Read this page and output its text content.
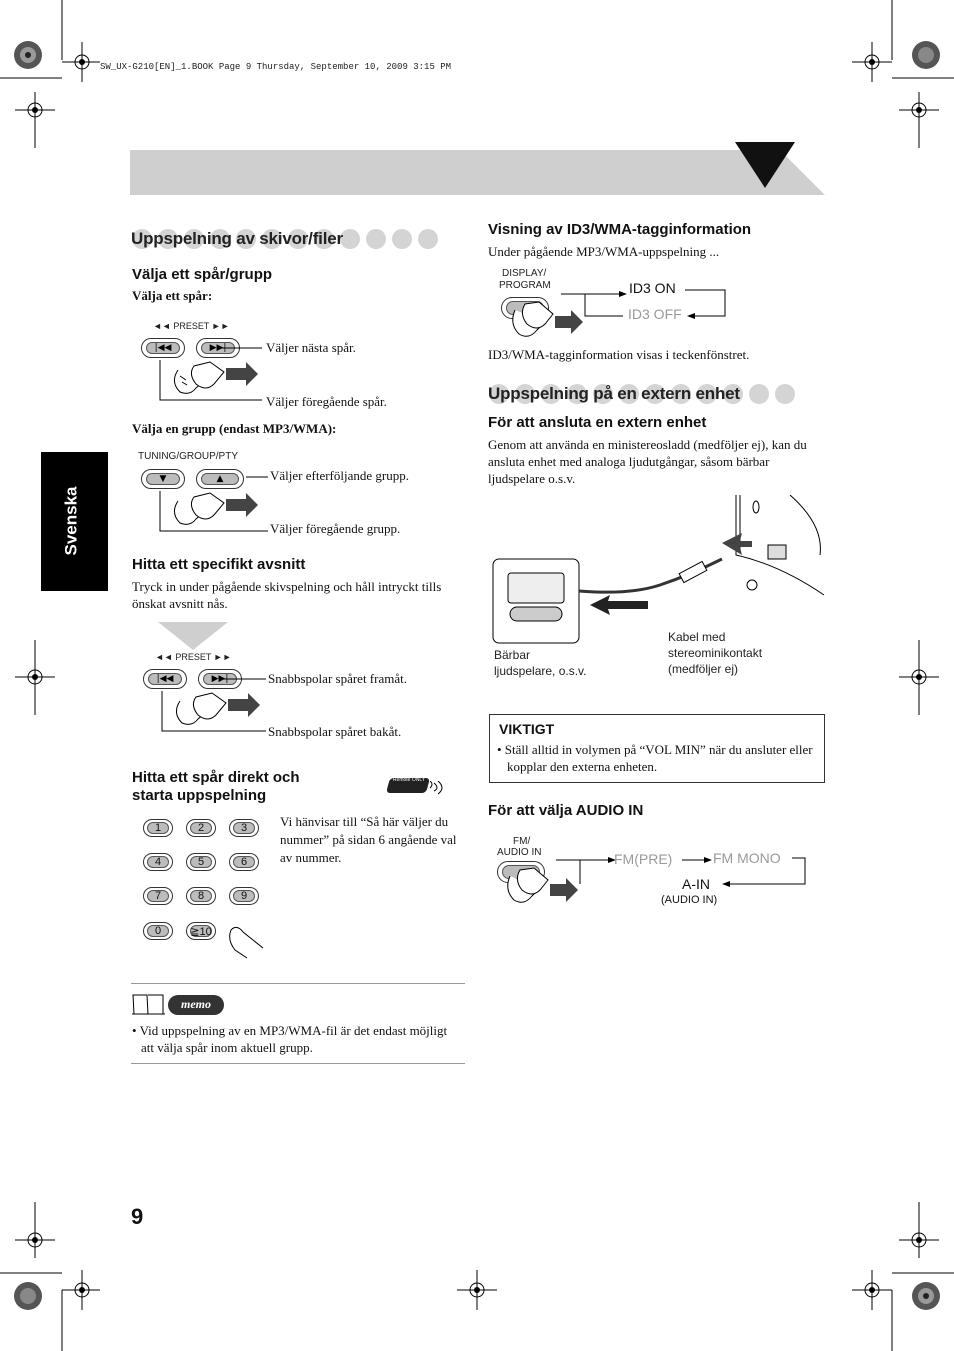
SW_UX-G210[EN]_1.BOOK Page 9 Thursday, September 10, 2009 3:15 PM
Svenska
Uppspelning av skivor/filer
Välja ett spår/grupp
Välja ett spår:
◄◄ PRESET ►►
|◀◀	▶▶|	Väljer nästa spår.
Väljer föregående spår.
Välja en grupp (endast MP3/WMA):
TUNING/GROUP/PTY
▼	▲	Väljer efterföljande grupp.
Väljer föregående grupp.
Hitta ett specifikt avsnitt
Tryck in under pågående skivspelning och håll intryckt tills önskat avsnitt nås.
◄◄ PRESET ►►
|◀◀	▶▶|	Snabbspolar spåret framåt.
Snabbspolar spåret bakåt.
Hitta ett spår direkt och
starta uppspelning
Remote ONLY
Vi hänvisar till “Så här väljer du nummer” på sidan 6 angående val av nummer.
1	2	3
4	5	6
7	8	9
0	≧10
memo
• Vid uppspelning av en MP3/WMA-fil är det endast möjligt att välja spår inom aktuell grupp.
9
Visning av ID3/WMA-tagginformation
Under pågående MP3/WMA-uppspelning ...
DISPLAY/
PROGRAM	ID3 ON
ID3 OFF
ID3/WMA-tagginformation visas i teckenfönstret.
Uppspelning på en extern enhet
För att ansluta en extern enhet
Genom att använda en ministereosladd (medföljer ej), kan du ansluta enhet med analoga ljudutgångar, såsom bärbar ljudspelare o.s.v.
Bärbar
ljudspelare, o.s.v.
Kabel med
stereominikontakt
(medföljer ej)
VIKTIGT
• Ställ alltid in volymen på “VOL MIN” när du ansluter eller kopplar den externa enheten.
För att välja AUDIO IN
FM/
AUDIO IN	FM(PRE)	FM MONO
A-IN
(AUDIO IN)
